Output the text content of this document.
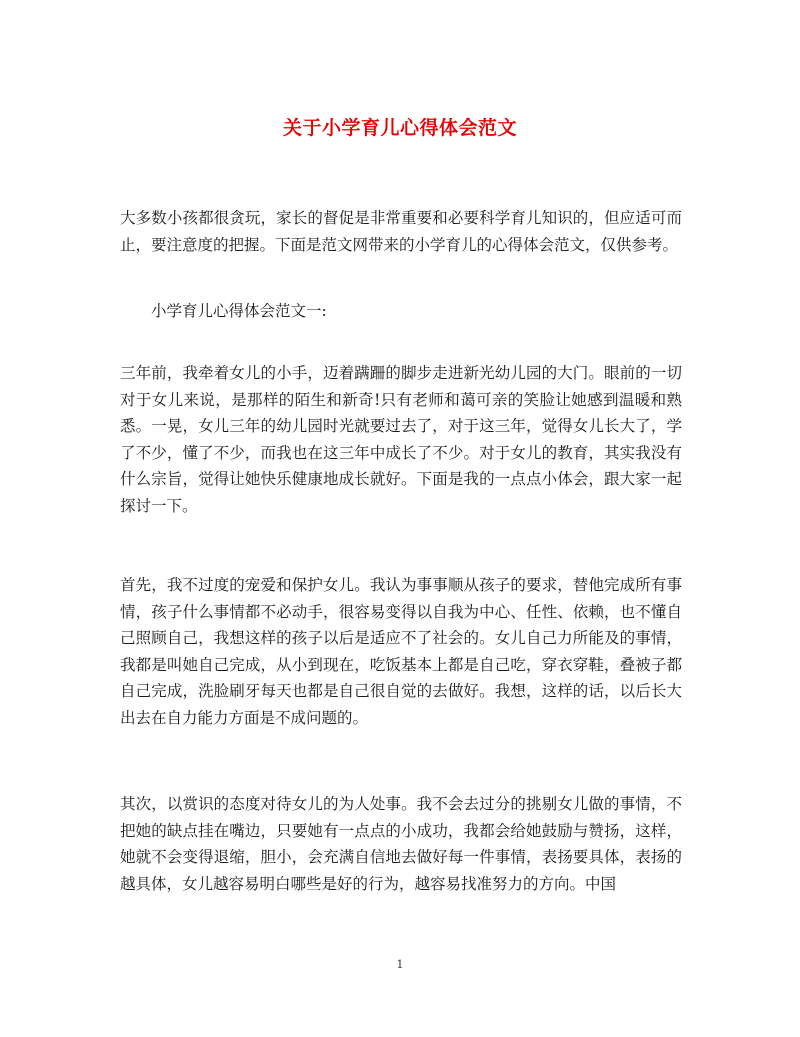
关于小学育儿心得体会范文

大多数小孩都很贪玩，家长的督促是非常重要和必要科学育儿知识的，但应适可而止，要注意度的把握。下面是范文网带来的小学育儿的心得体会范文，仅供参考。

小学育儿心得体会范文一:

三年前，我牵着女儿的小手，迈着蹒跚的脚步走进新光幼儿园的大门。眼前的一切对于女儿来说，是那样的陌生和新奇!只有老师和蔼可亲的笑脸让她感到温暖和熟悉。一晃，女儿三年的幼儿园时光就要过去了，对于这三年，觉得女儿长大了，学了不少，懂了不少，而我也在这三年中成长了不少。对于女儿的教育，其实我没有什么宗旨，觉得让她快乐健康地成长就好。下面是我的一点点小体会，跟大家一起探讨一下。

首先，我不过度的宠爱和保护女儿。我认为事事顺从孩子的要求，替他完成所有事情，孩子什么事情都不必动手，很容易变得以自我为中心、任性、依赖，也不懂自己照顾自己，我想这样的孩子以后是适应不了社会的。女儿自己力所能及的事情，我都是叫她自己完成，从小到现在，吃饭基本上都是自己吃，穿衣穿鞋，叠被子都自己完成，洗脸刷牙每天也都是自己很自觉的去做好。我想，这样的话，以后长大出去在自力能力方面是不成问题的。

其次，以赏识的态度对待女儿的为人处事。我不会去过分的挑剔女儿做的事情，不把她的缺点挂在嘴边，只要她有一点点的小成功，我都会给她鼓励与赞扬，这样，她就不会变得退缩，胆小，会充满自信地去做好每一件事情，表扬要具体，表扬的越具体，女儿越容易明白哪些是好的行为，越容易找准努力的方向。中国

1
